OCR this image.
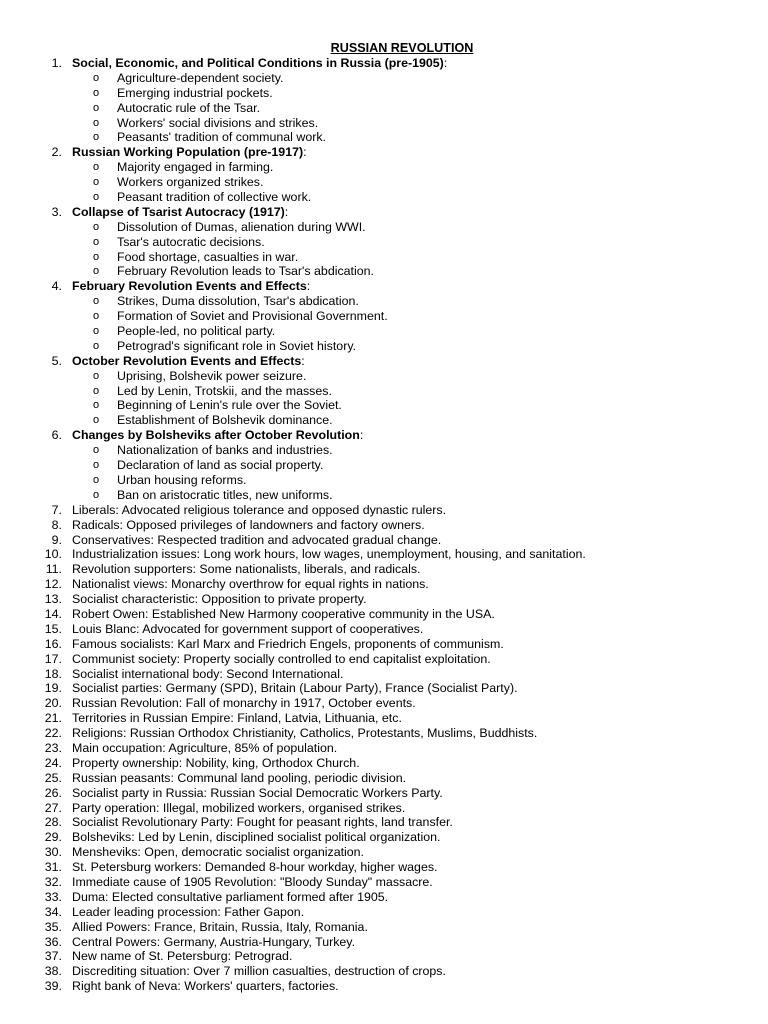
RUSSIAN REVOLUTION
1. Social, Economic, and Political Conditions in Russia (pre-1905):
o	Agriculture-dependent society.
o	Emerging industrial pockets.
o	Autocratic rule of the Tsar.
o	Workers' social divisions and strikes.
o	Peasants' tradition of communal work.
2. Russian Working Population (pre-1917):
o	Majority engaged in farming.
o	Workers organized strikes.
o	Peasant tradition of collective work.
3. Collapse of Tsarist Autocracy (1917):
o	Dissolution of Dumas, alienation during WWI.
o	Tsar's autocratic decisions.
o	Food shortage, casualties in war.
o	February Revolution leads to Tsar's abdication.
4. February Revolution Events and Effects:
o	Strikes, Duma dissolution, Tsar's abdication.
o	Formation of Soviet and Provisional Government.
o	People-led, no political party.
o	Petrograd's significant role in Soviet history.
5. October Revolution Events and Effects:
o	Uprising, Bolshevik power seizure.
o	Led by Lenin, Trotskii, and the masses.
o	Beginning of Lenin's rule over the Soviet.
o	Establishment of Bolshevik dominance.
6. Changes by Bolsheviks after October Revolution:
o	Nationalization of banks and industries.
o	Declaration of land as social property.
o	Urban housing reforms.
o	Ban on aristocratic titles, new uniforms.
7. Liberals: Advocated religious tolerance and opposed dynastic rulers.
8. Radicals: Opposed privileges of landowners and factory owners.
9. Conservatives: Respected tradition and advocated gradual change.
10. Industrialization issues: Long work hours, low wages, unemployment, housing, and sanitation.
11. Revolution supporters: Some nationalists, liberals, and radicals.
12. Nationalist views: Monarchy overthrow for equal rights in nations.
13. Socialist characteristic: Opposition to private property.
14. Robert Owen: Established New Harmony cooperative community in the USA.
15. Louis Blanc: Advocated for government support of cooperatives.
16. Famous socialists: Karl Marx and Friedrich Engels, proponents of communism.
17. Communist society: Property socially controlled to end capitalist exploitation.
18. Socialist international body: Second International.
19. Socialist parties: Germany (SPD), Britain (Labour Party), France (Socialist Party).
20. Russian Revolution: Fall of monarchy in 1917, October events.
21. Territories in Russian Empire: Finland, Latvia, Lithuania, etc.
22. Religions: Russian Orthodox Christianity, Catholics, Protestants, Muslims, Buddhists.
23. Main occupation: Agriculture, 85% of population.
24. Property ownership: Nobility, king, Orthodox Church.
25. Russian peasants: Communal land pooling, periodic division.
26. Socialist party in Russia: Russian Social Democratic Workers Party.
27. Party operation: Illegal, mobilized workers, organised strikes.
28. Socialist Revolutionary Party: Fought for peasant rights, land transfer.
29. Bolsheviks: Led by Lenin, disciplined socialist political organization.
30. Mensheviks: Open, democratic socialist organization.
31. St. Petersburg workers: Demanded 8-hour workday, higher wages.
32. Immediate cause of 1905 Revolution: "Bloody Sunday" massacre.
33. Duma: Elected consultative parliament formed after 1905.
34. Leader leading procession: Father Gapon.
35. Allied Powers: France, Britain, Russia, Italy, Romania.
36. Central Powers: Germany, Austria-Hungary, Turkey.
37. New name of St. Petersburg: Petrograd.
38. Discrediting situation: Over 7 million casualties, destruction of crops.
39. Right bank of Neva: Workers' quarters, factories.
